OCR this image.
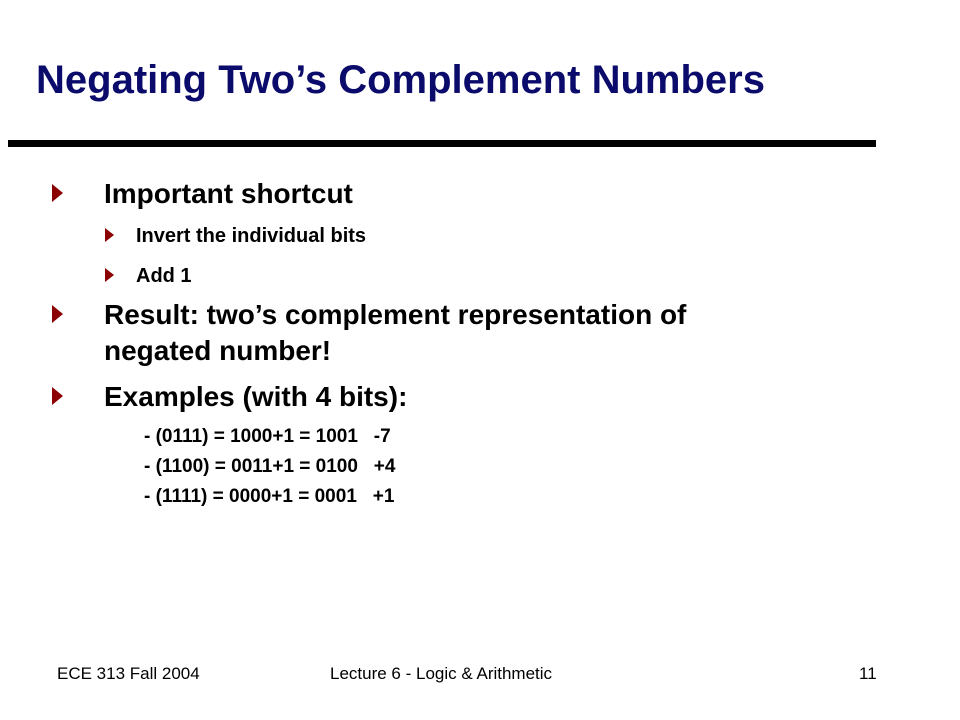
Negating Two’s Complement Numbers
Important shortcut
Invert the individual bits
Add 1
Result: two’s complement representation of negated number!
Examples (with 4 bits):
- (0111) = 1000+1 = 1001   -7
- (1100) = 0011+1 = 0100   +4
- (1111) = 0000+1 = 0001   +1
ECE 313 Fall 2004	Lecture 6 - Logic & Arithmetic	11
